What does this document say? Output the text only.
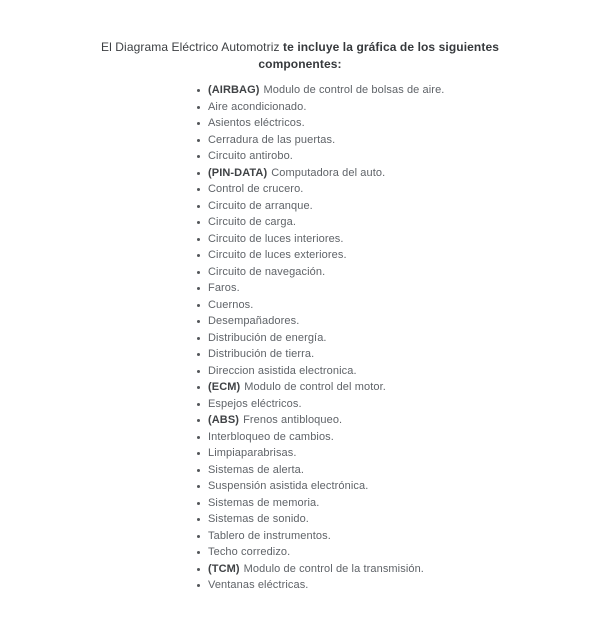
El Diagrama Eléctrico Automotriz te incluye la gráfica de los siguientes componentes:
(AIRBAG) Modulo de control de bolsas de aire.
Aire acondicionado.
Asientos eléctricos.
Cerradura de las puertas.
Circuito antirobo.
(PIN-DATA) Computadora del auto.
Control de crucero.
Circuito de arranque.
Circuito de carga.
Circuito de luces interiores.
Circuito de luces exteriores.
Circuito de navegación.
Faros.
Cuernos.
Desempañadores.
Distribución de energía.
Distribución de tierra.
Direccion asistida electronica.
(ECM) Modulo de control del motor.
Espejos eléctricos.
(ABS) Frenos antibloqueo.
Interbloqueo de cambios.
Limpiaparabrisas.
Sistemas de alerta.
Suspensión asistida electrónica.
Sistemas de memoria.
Sistemas de sonido.
Tablero de instrumentos.
Techo corredizo.
(TCM) Modulo de control de la transmisión.
Ventanas eléctricas.
